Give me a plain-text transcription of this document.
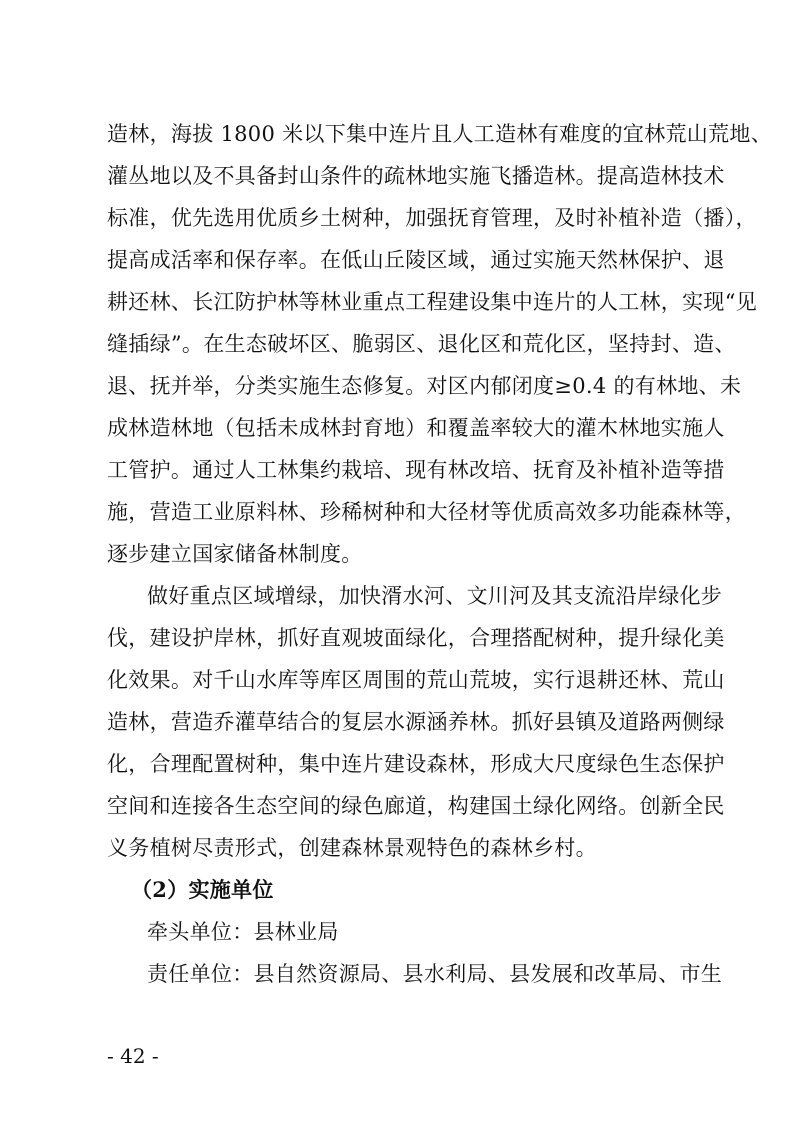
造林，海拔 1800 米以下集中连片且人工造林有难度的宜林荒山荒地、
灌丛地以及不具备封山条件的疏林地实施飞播造林。提高造林技术
标准，优先选用优质乡土树种，加强抚育管理，及时补植补造（播），
提高成活率和保存率。在低山丘陵区域，通过实施天然林保护、退
耕还林、长江防护林等林业重点工程建设集中连片的人工林，实现“见
缝插绿”。在生态破坏区、脆弱区、退化区和荒化区，坚持封、造、
退、抚并举，分类实施生态修复。对区内郁闭度≥0.4 的有林地、未
成林造林地（包括未成林封育地）和覆盖率较大的灌木林地实施人
工管护。通过人工林集约栽培、现有林改培、抚育及补植补造等措
施，营造工业原料林、珍稀树种和大径材等优质高效多功能森林等，
逐步建立国家储备林制度。
做好重点区域增绿，加快湑水河、文川河及其支流沿岸绿化步
伐，建设护岸林，抓好直观坡面绿化，合理搭配树种，提升绿化美
化效果。对千山水库等库区周围的荒山荒坡，实行退耕还林、荒山
造林，营造乔灌草结合的复层水源涵养林。抓好县镇及道路两侧绿
化，合理配置树种，集中连片建设森林，形成大尺度绿色生态保护
空间和连接各生态空间的绿色廊道，构建国土绿化网络。创新全民
义务植树尽责形式，创建森林景观特色的森林乡村。
（2）实施单位
牵头单位：县林业局
责任单位：县自然资源局、县水利局、县发展和改革局、市生
- 42 -
